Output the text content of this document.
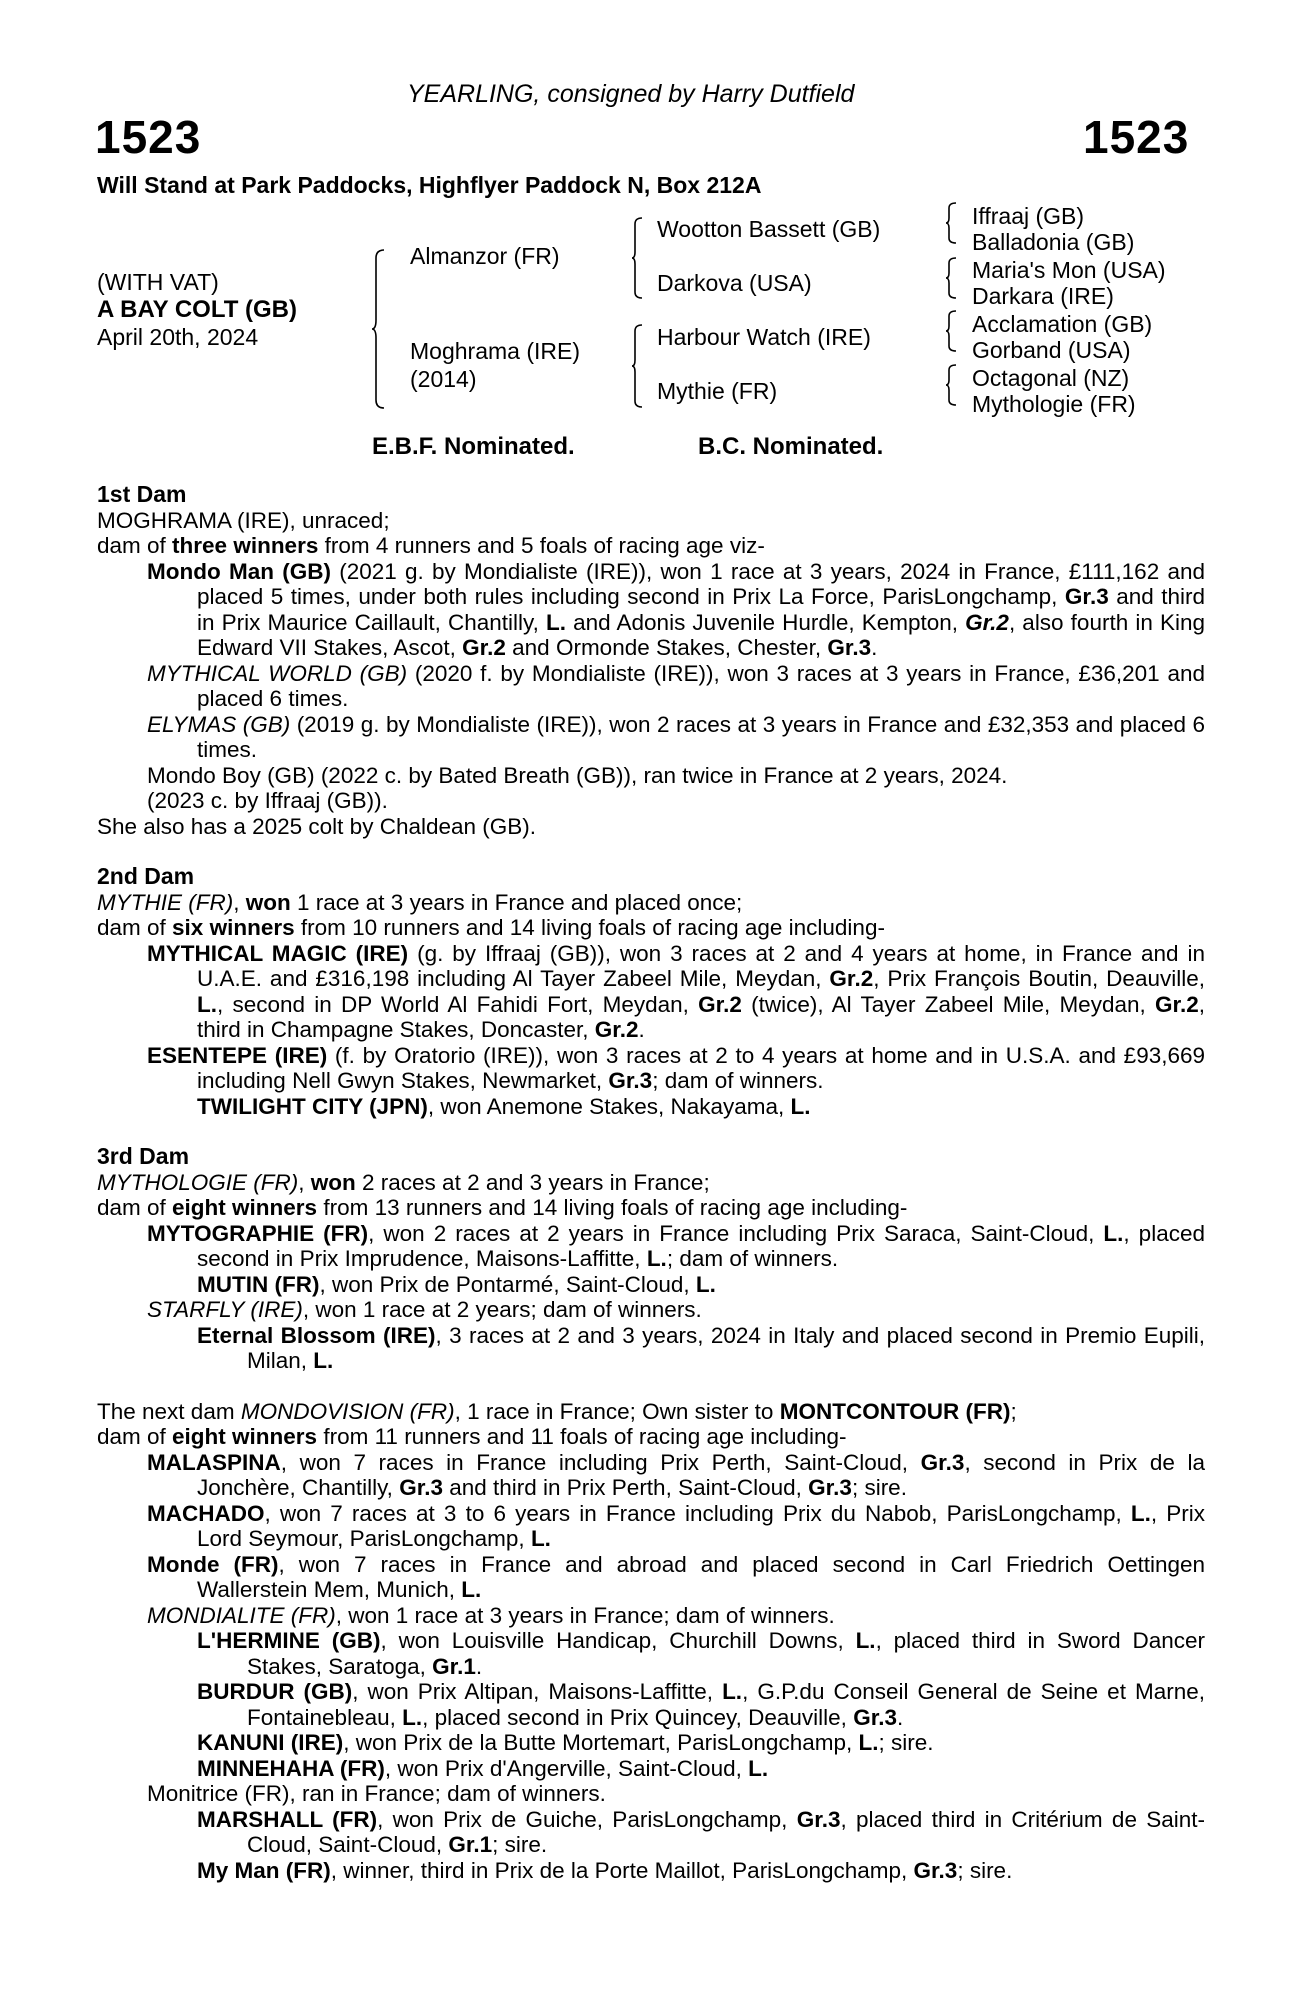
YEARLING, consigned by Harry Dutfield
1523	1523
Will Stand at Park Paddocks, Highflyer Paddock N, Box 212A
(WITH VAT)
A BAY COLT (GB)
April 20th, 2024
Almanzor (FR)
Moghrama (IRE)
(2014)
Wootton Bassett (GB)
Darkova (USA)
Harbour Watch (IRE)
Mythie (FR)
Iffraaj (GB)
Balladonia (GB)
Maria's Mon (USA)
Darkara (IRE)
Acclamation (GB)
Gorband (USA)
Octagonal (NZ)
Mythologie (FR)
E.B.F. Nominated.	B.C. Nominated.
1st Dam
MOGHRAMA (IRE), unraced;
dam of three winners from 4 runners and 5 foals of racing age viz-
Mondo Man (GB) (2021 g. by Mondialiste (IRE)), won 1 race at 3 years, 2024 in France, £111,162 and placed 5 times, under both rules including second in Prix La Force, ParisLongchamp, Gr.3 and third in Prix Maurice Caillault, Chantilly, L. and Adonis Juvenile Hurdle, Kempton, Gr.2, also fourth in King Edward VII Stakes, Ascot, Gr.2 and Ormonde Stakes, Chester, Gr.3.
MYTHICAL WORLD (GB) (2020 f. by Mondialiste (IRE)), won 3 races at 3 years in France, £36,201 and placed 6 times.
ELYMAS (GB) (2019 g. by Mondialiste (IRE)), won 2 races at 3 years in France and £32,353 and placed 6 times.
Mondo Boy (GB) (2022 c. by Bated Breath (GB)), ran twice in France at 2 years, 2024.
(2023 c. by Iffraaj (GB)).
She also has a 2025 colt by Chaldean (GB).
2nd Dam
MYTHIE (FR), won 1 race at 3 years in France and placed once;
dam of six winners from 10 runners and 14 living foals of racing age including-
MYTHICAL MAGIC (IRE) (g. by Iffraaj (GB)), won 3 races at 2 and 4 years at home, in France and in U.A.E. and £316,198 including Al Tayer Zabeel Mile, Meydan, Gr.2, Prix François Boutin, Deauville, L., second in DP World Al Fahidi Fort, Meydan, Gr.2 (twice), Al Tayer Zabeel Mile, Meydan, Gr.2, third in Champagne Stakes, Doncaster, Gr.2.
ESENTEPE (IRE) (f. by Oratorio (IRE)), won 3 races at 2 to 4 years at home and in U.S.A. and £93,669 including Nell Gwyn Stakes, Newmarket, Gr.3; dam of winners.
TWILIGHT CITY (JPN), won Anemone Stakes, Nakayama, L.
3rd Dam
MYTHOLOGIE (FR), won 2 races at 2 and 3 years in France;
dam of eight winners from 13 runners and 14 living foals of racing age including-
MYTOGRAPHIE (FR), won 2 races at 2 years in France including Prix Saraca, Saint-Cloud, L., placed second in Prix Imprudence, Maisons-Laffitte, L.; dam of winners.
MUTIN (FR), won Prix de Pontarmé, Saint-Cloud, L.
STARFLY (IRE), won 1 race at 2 years; dam of winners.
Eternal Blossom (IRE), 3 races at 2 and 3 years, 2024 in Italy and placed second in Premio Eupili, Milan, L.
The next dam MONDOVISION (FR), 1 race in France; Own sister to MONTCONTOUR (FR);
dam of eight winners from 11 runners and 11 foals of racing age including-
MALASPINA, won 7 races in France including Prix Perth, Saint-Cloud, Gr.3, second in Prix de la Jonchère, Chantilly, Gr.3 and third in Prix Perth, Saint-Cloud, Gr.3; sire.
MACHADO, won 7 races at 3 to 6 years in France including Prix du Nabob, ParisLongchamp, L., Prix Lord Seymour, ParisLongchamp, L.
Monde (FR), won 7 races in France and abroad and placed second in Carl Friedrich Oettingen Wallerstein Mem, Munich, L.
MONDIALITE (FR), won 1 race at 3 years in France; dam of winners.
L'HERMINE (GB), won Louisville Handicap, Churchill Downs, L., placed third in Sword Dancer Stakes, Saratoga, Gr.1.
BURDUR (GB), won Prix Altipan, Maisons-Laffitte, L., G.P.du Conseil General de Seine et Marne, Fontainebleau, L., placed second in Prix Quincey, Deauville, Gr.3.
KANUNI (IRE), won Prix de la Butte Mortemart, ParisLongchamp, L.; sire.
MINNEHAHA (FR), won Prix d'Angerville, Saint-Cloud, L.
Monitrice (FR), ran in France; dam of winners.
MARSHALL (FR), won Prix de Guiche, ParisLongchamp, Gr.3, placed third in Critérium de Saint-Cloud, Saint-Cloud, Gr.1; sire.
My Man (FR), winner, third in Prix de la Porte Maillot, ParisLongchamp, Gr.3; sire.
